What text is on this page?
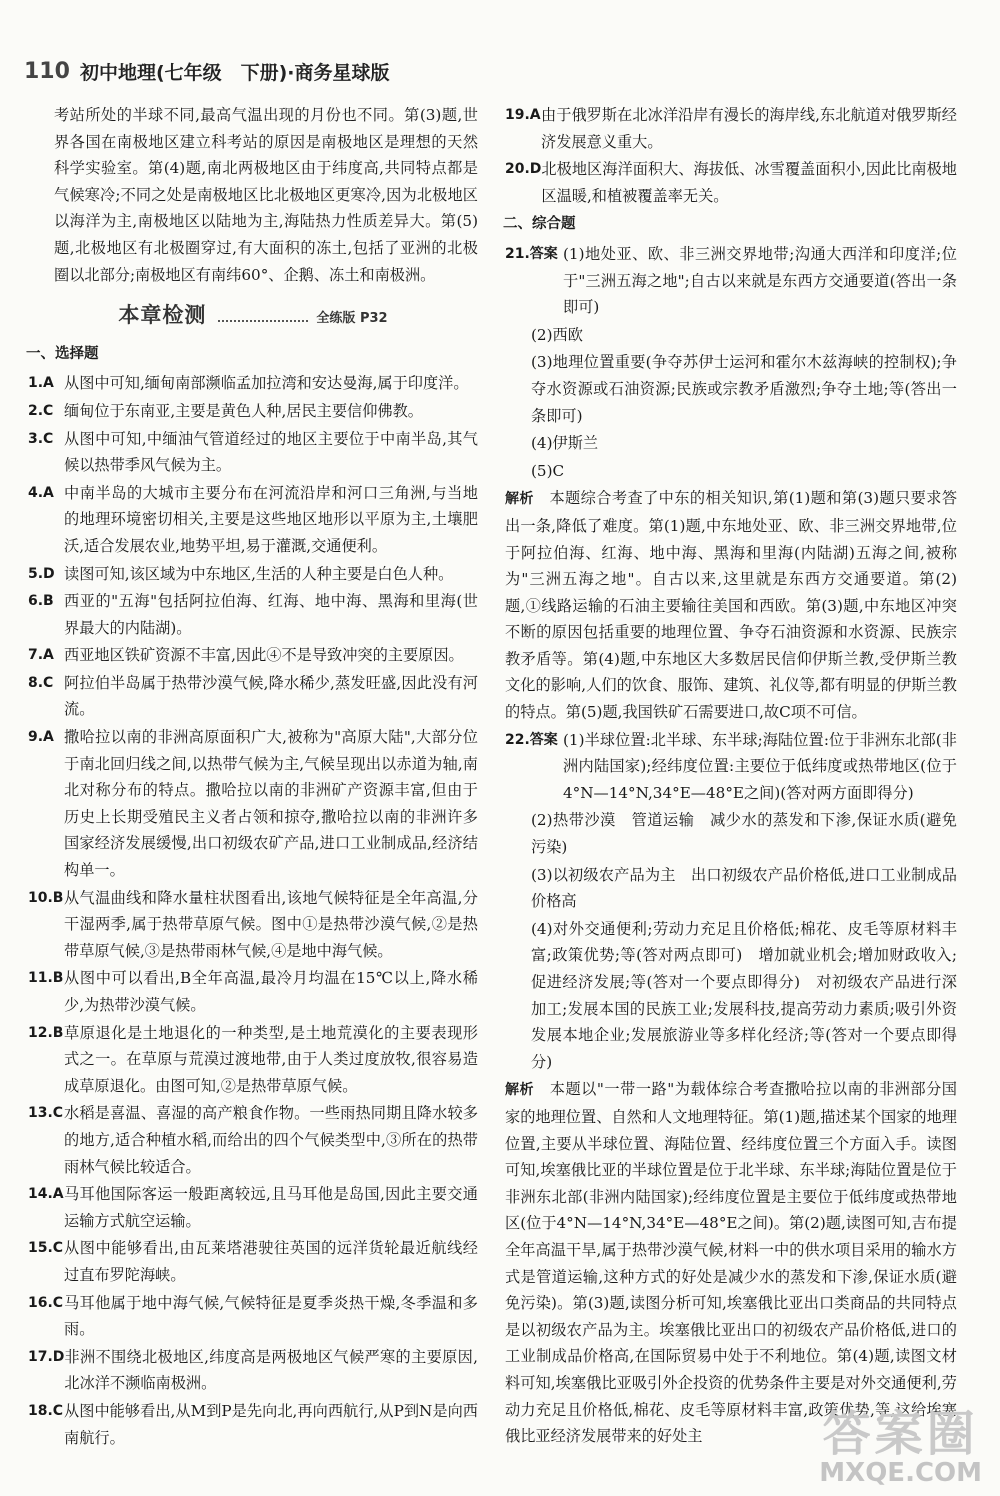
110 初中地理(七年级　下册)·商务星球版

考站所处的半球不同,最高气温出现的月份也不同。第(3)题,世界各国在南极地区建立科考站的原因是南极地区是理想的天然科学实验室。第(4)题,南北两极地区由于纬度高,共同特点都是气候寒冷;不同之处是南极地区比北极地区更寒冷,因为北极地区以海洋为主,南极地区以陆地为主,海陆热力性质差异大。第(5)题,北极地区有北极圈穿过,有大面积的冻土,包括了亚洲的北极圈以北部分;南极地区有南纬60°、企鹅、冻土和南极洲。

本章检测	全练版 P32
一、选择题
1.A 从图中可知,缅甸南部濒临孟加拉湾和安达曼海,属于印度洋。
2.C 缅甸位于东南亚,主要是黄色人种,居民主要信仰佛教。
3.C 从图中可知,中缅油气管道经过的地区主要位于中南半岛,其气候以热带季风气候为主。
4.A 中南半岛的大城市主要分布在河流沿岸和河口三角洲,与当地的地理环境密切相关,主要是这些地区地形以平原为主,土壤肥沃,适合发展农业,地势平坦,易于灌溉,交通便利。
5.D 读图可知,该区域为中东地区,生活的人种主要是白色人种。
6.B 西亚的"五海"包括阿拉伯海、红海、地中海、黑海和里海(世界最大的内陆湖)。
7.A 西亚地区铁矿资源不丰富,因此④不是导致冲突的主要原因。
8.C 阿拉伯半岛属于热带沙漠气候,降水稀少,蒸发旺盛,因此没有河流。
9.A 撒哈拉以南的非洲高原面积广大,被称为"高原大陆",大部分位于南北回归线之间,以热带气候为主,气候呈现出以赤道为轴,南北对称分布的特点。撒哈拉以南的非洲矿产资源丰富,但由于历史上长期受殖民主义者占领和掠夺,撒哈拉以南的非洲许多国家经济发展缓慢,出口初级农矿产品,进口工业制成品,经济结构单一。
10.B 从气温曲线和降水量柱状图看出,该地气候特征是全年高温,分干湿两季,属于热带草原气候。图中①是热带沙漠气候,②是热带草原气候,③是热带雨林气候,④是地中海气候。
11.B 从图中可以看出,B全年高温,最冷月均温在15℃以上,降水稀少,为热带沙漠气候。
12.B 草原退化是土地退化的一种类型,是土地荒漠化的主要表现形式之一。在草原与荒漠过渡地带,由于人类过度放牧,很容易造成草原退化。由图可知,②是热带草原气候。
13.C 水稻是喜温、喜湿的高产粮食作物。一些雨热同期且降水较多的地方,适合种植水稻,而给出的四个气候类型中,③所在的热带雨林气候比较适合。
14.A 马耳他国际客运一般距离较远,且马耳他是岛国,因此主要交通运输方式航空运输。
15.C 从图中能够看出,由瓦莱塔港驶往英国的远洋货轮最近航线经过直布罗陀海峡。
16.C 马耳他属于地中海气候,气候特征是夏季炎热干燥,冬季温和多雨。
17.D 非洲不围绕北极地区,纬度高是两极地区气候严寒的主要原因,北冰洋不濒临南极洲。
18.C 从图中能够看出,从M到P是先向北,再向西航行,从P到N是向西南航行。
19.A 由于俄罗斯在北冰洋沿岸有漫长的海岸线,东北航道对俄罗斯经济发展意义重大。
20.D 北极地区海洋面积大、海拔低、冰雪覆盖面积小,因此比南极地区温暖,和植被覆盖率无关。
二、综合题
21.答案 (1)地处亚、欧、非三洲交界地带;沟通大西洋和印度洋;位于"三洲五海之地";自古以来就是东西方交通要道(答出一条即可)

(2)西欧

(3)地理位置重要(争夺苏伊士运河和霍尔木兹海峡的控制权);争夺水资源或石油资源;民族或宗教矛盾激烈;争夺土地;等(答出一条即可)

(4)伊斯兰

(5)C

解析　 本题综合考查了中东的相关知识,第(1)题和第(3)题只要求答出一条,降低了难度。第(1)题,中东地处亚、欧、非三洲交界地带,位于阿拉伯海、红海、地中海、黑海和里海(内陆湖)五海之间,被称为"三洲五海之地"。自古以来,这里就是东西方交通要道。第(2)题,①线路运输的石油主要输往美国和西欧。第(3)题,中东地区冲突不断的原因包括重要的地理位置、争夺石油资源和水资源、民族宗教矛盾等。第(4)题,中东地区大多数居民信仰伊斯兰教,受伊斯兰教文化的影响,人们的饮食、服饰、建筑、礼仪等,都有明显的伊斯兰教的特点。第(5)题,我国铁矿石需要进口,故C项不可信。

22.答案 (1)半球位置:北半球、东半球;海陆位置:位于非洲东北部(非洲内陆国家);经纬度位置:主要位于低纬度或热带地区(位于4°N—14°N,34°E—48°E之间)(答对两方面即得分)

(2)热带沙漠　管道运输　减少水的蒸发和下渗,保证水质(避免污染)

(3)以初级农产品为主　出口初级农产品价格低,进口工业制成品价格高

(4)对外交通便利;劳动力充足且价格低;棉花、皮毛等原材料丰富;政策优势;等(答对两点即可)　增加就业机会;增加财政收入;促进经济发展;等(答对一个要点即得分)　对初级农产品进行深加工;发展本国的民族工业;发展科技,提高劳动力素质;吸引外资发展本地企业;发展旅游业等多样化经济;等(答对一个要点即得分)

解析　 本题以"一带一路"为载体综合考查撒哈拉以南的非洲部分国家的地理位置、自然和人文地理特征。第(1)题,描述某个国家的地理位置,主要从半球位置、海陆位置、经纬度位置三个方面入手。读图可知,埃塞俄比亚的半球位置是位于北半球、东半球;海陆位置是位于非洲东北部(非洲内陆国家);经纬度位置是主要位于低纬度或热带地区(位于4°N—14°N,34°E—48°E之间)。第(2)题,读图可知,吉布提全年高温干旱,属于热带沙漠气候,材料一中的供水项目采用的输水方式是管道运输,这种方式的好处是减少水的蒸发和下渗,保证水质(避免污染)。第(3)题,读图分析可知,埃塞俄比亚出口类商品的共同特点是以初级农产品为主。埃塞俄比亚出口的初级农产品价格低,进口的工业制成品价格高,在国际贸易中处于不利地位。第(4)题,读图文材料可知,埃塞俄比亚吸引外企投资的优势条件主要是对外交通便利,劳动力充足且价格低,棉花、皮毛等原材料丰富,政策优势,等,这给埃塞俄比亚经济发展带来的好处主	答案圈
MXQE.COM
